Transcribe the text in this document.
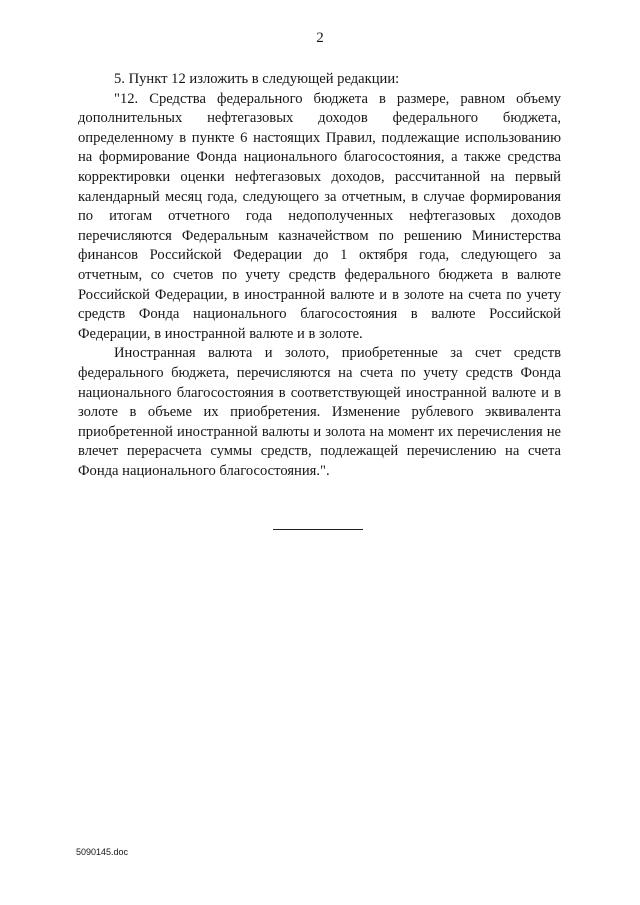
2

5. Пункт 12 изложить в следующей редакции:

"12. Средства федерального бюджета в размере, равном объему дополнительных нефтегазовых доходов федерального бюджета, определенному в пункте 6 настоящих Правил, подлежащие использованию на формирование Фонда национального благосостояния, а также средства корректировки оценки нефтегазовых доходов, рассчитанной на первый календарный месяц года, следующего за отчетным, в случае формирования по итогам отчетного года недополученных нефтегазовых доходов перечисляются Федеральным казначейством по решению Министерства финансов Российской Федерации до 1 октября года, следующего за отчетным, со счетов по учету средств федерального бюджета в валюте Российской Федерации, в иностранной валюте и в золоте на счета по учету средств Фонда национального благосостояния в валюте Российской Федерации, в иностранной валюте и в золоте.

Иностранная валюта и золото, приобретенные за счет средств федерального бюджета, перечисляются на счета по учету средств Фонда национального благосостояния в соответствующей иностранной валюте и в золоте в объеме их приобретения. Изменение рублевого эквивалента приобретенной иностранной валюты и золота на момент их перечисления не влечет перерасчета суммы средств, подлежащей перечислению на счета Фонда национального благосостояния.".

5090145.doc
